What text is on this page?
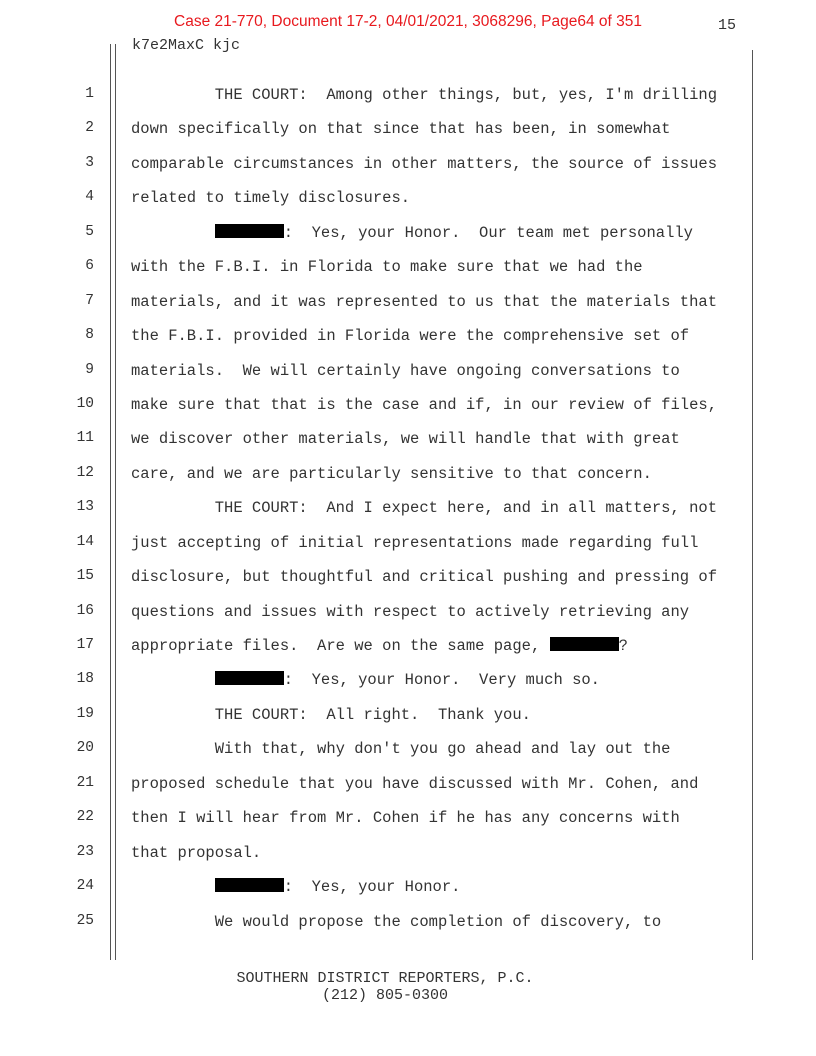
Case 21-770, Document 17-2, 04/01/2021, 3068296, Page64 of 351	15
k7e2MaxC kjc
1 THE COURT:  Among other things, but, yes, I'm drilling
2 down specifically on that since that has been, in somewhat
3 comparable circumstances in other matters, the source of issues
4 related to timely disclosures.
5	:  Yes, your Honor.  Our team met personally
6 with the F.B.I. in Florida to make sure that we had the
7 materials, and it was represented to us that the materials that
8 the F.B.I. provided in Florida were the comprehensive set of
9 materials.  We will certainly have ongoing conversations to
10 make sure that that is the case and if, in our review of files,
11 we discover other materials, we will handle that with great
12 care, and we are particularly sensitive to that concern.
13 THE COURT:  And I expect here, and in all matters, not
14 just accepting of initial representations made regarding full
15 disclosure, but thoughtful and critical pushing and pressing of
16 questions and issues with respect to actively retrieving any
17 appropriate files.  Are we on the same page,	?
18	:  Yes, your Honor.  Very much so.
19 THE COURT:  All right.  Thank you.
20 With that, why don't you go ahead and lay out the
21 proposed schedule that you have discussed with Mr. Cohen, and
22 then I will hear from Mr. Cohen if he has any concerns with
23 that proposal.
24	:  Yes, your Honor.
25 We would propose the completion of discovery, to
SOUTHERN DISTRICT REPORTERS, P.C.
(212) 805-0300
